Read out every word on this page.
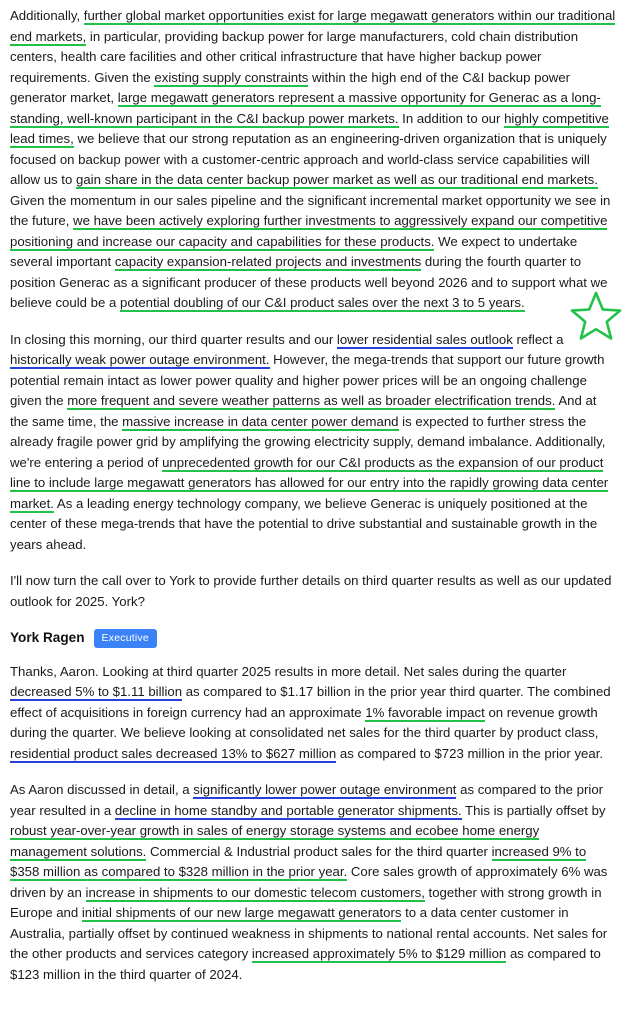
Additionally, further global market opportunities exist for large megawatt generators within our traditional end markets, in particular, providing backup power for large manufacturers, cold chain distribution centers, health care facilities and other critical infrastructure that have higher backup power requirements. Given the existing supply constraints within the high end of the C&I backup power generator market, large megawatt generators represent a massive opportunity for Generac as a long-standing, well-known participant in the C&I backup power markets. In addition to our highly competitive lead times, we believe that our strong reputation as an engineering-driven organization that is uniquely focused on backup power with a customer-centric approach and world-class service capabilities will allow us to gain share in the data center backup power market as well as our traditional end markets. Given the momentum in our sales pipeline and the significant incremental market opportunity we see in the future, we have been actively exploring further investments to aggressively expand our competitive positioning and increase our capacity and capabilities for these products. We expect to undertake several important capacity expansion-related projects and investments during the fourth quarter to position Generac as a significant producer of these products well beyond 2026 and to support what we believe could be a potential doubling of our C&I product sales over the next 3 to 5 years.

In closing this morning, our third quarter results and our lower residential sales outlook reflect a historically weak power outage environment. However, the mega-trends that support our future growth potential remain intact as lower power quality and higher power prices will be an ongoing challenge given the more frequent and severe weather patterns as well as broader electrification trends. And at the same time, the massive increase in data center power demand is expected to further stress the already fragile power grid by amplifying the growing electricity supply, demand imbalance. Additionally, we're entering a period of unprecedented growth for our C&I products as the expansion of our product line to include large megawatt generators has allowed for our entry into the rapidly growing data center market. As a leading energy technology company, we believe Generac is uniquely positioned at the center of these mega-trends that have the potential to drive substantial and sustainable growth in the years ahead.

I'll now turn the call over to York to provide further details on third quarter results as well as our updated outlook for 2025. York?

York Ragen	Executive

Thanks, Aaron. Looking at third quarter 2025 results in more detail. Net sales during the quarter decreased 5% to $1.11 billion as compared to $1.17 billion in the prior year third quarter. The combined effect of acquisitions in foreign currency had an approximate 1% favorable impact on revenue growth during the quarter. We believe looking at consolidated net sales for the third quarter by product class, residential product sales decreased 13% to $627 million as compared to $723 million in the prior year.

As Aaron discussed in detail, a significantly lower power outage environment as compared to the prior year resulted in a decline in home standby and portable generator shipments. This is partially offset by robust year-over-year growth in sales of energy storage systems and ecobee home energy management solutions. Commercial & Industrial product sales for the third quarter increased 9% to $358 million as compared to $328 million in the prior year. Core sales growth of approximately 6% was driven by an increase in shipments to our domestic telecom customers, together with strong growth in Europe and initial shipments of our new large megawatt generators to a data center customer in Australia, partially offset by continued weakness in shipments to national rental accounts. Net sales for the other products and services category increased approximately 5% to $129 million as compared to $123 million in the third quarter of 2024.
